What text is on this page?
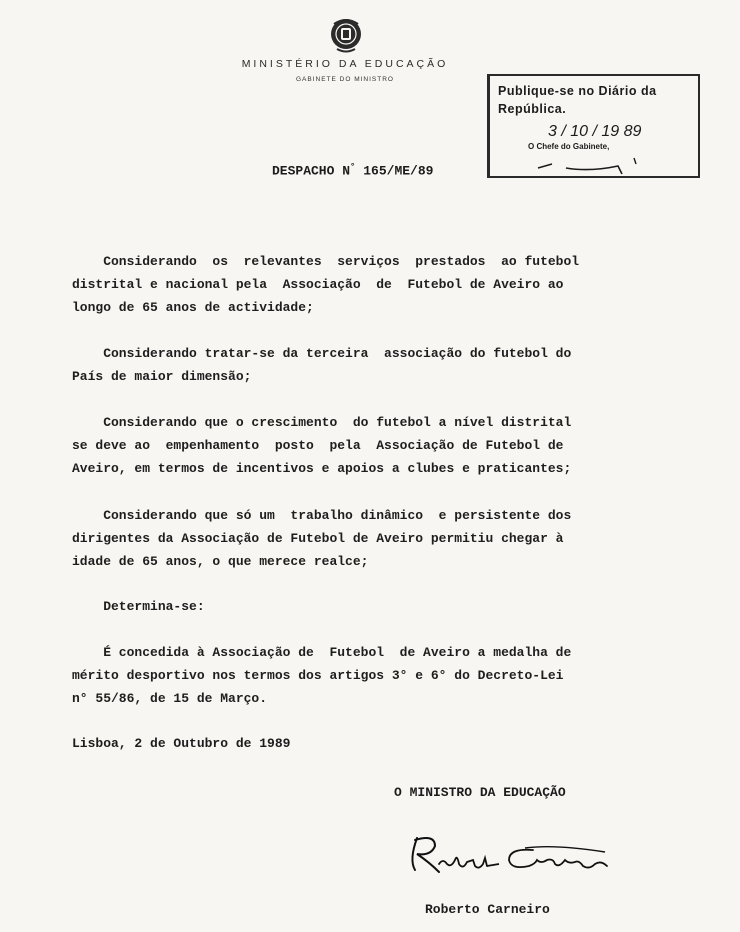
MINISTÉRIO DA EDUCAÇÃO
GABINETE DO MINISTRO
Publique-se no Diário da
República.
3 / 10 / 19 89
O Chefe do Gabinete,
DESPACHO N° 165/ME/89
Considerando  os  relevantes  serviços  prestados  ao futebol
distrital e nacional pela  Associação  de  Futebol de Aveiro ao
longo de 65 anos de actividade;
Considerando tratar-se da terceira  associação do futebol do
País de maior dimensão;
Considerando que o crescimento  do futebol a nível distrital
se deve ao  empenhamento  posto  pela  Associação de Futebol de
Aveiro, em termos de incentivos e apoios a clubes e praticantes;
Considerando que só um  trabalho dinâmico  e persistente dos
dirigentes da Associação de Futebol de Aveiro permitiu chegar à
idade de 65 anos, o que merece realce;
Determina-se:
É concedida à Associação de  Futebol  de Aveiro a medalha de
mérito desportivo nos termos dos artigos 3° e 6° do Decreto-Lei
n° 55/86, de 15 de Março.
Lisboa, 2 de Outubro de 1989
O MINISTRO DA EDUCAÇÃO
Roberto Carneiro
